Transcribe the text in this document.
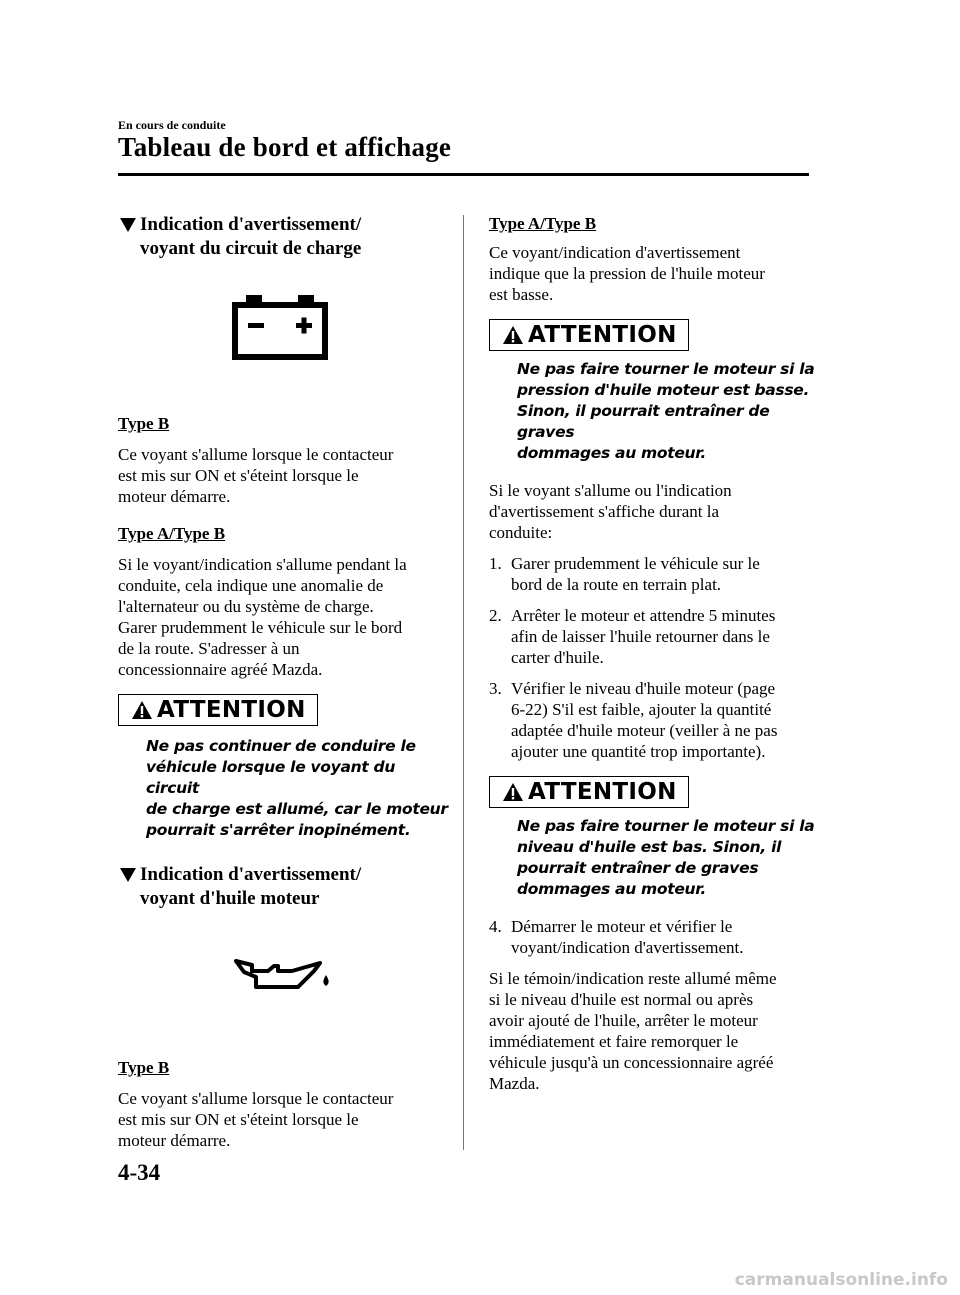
En cours de conduite
Tableau de bord et affichage
Indication d'avertissement/
voyant du circuit de charge

Type B

Ce voyant s'allume lorsque le contacteur

est mis sur ON et s'éteint lorsque le

moteur démarre.

Type A/Type B

Si le voyant/indication s'allume pendant la

conduite, cela indique une anomalie de

l'alternateur ou du système de charge.

Garer prudemment le véhicule sur le bord

de la route. S'adresser à un

concessionnaire agréé Mazda.

ATTENTION

Ne pas continuer de conduire le

véhicule lorsque le voyant du circuit

de charge est allumé, car le moteur

pourrait s'arrêter inopinément.

Indication d'avertissement/
voyant d'huile moteur

Type B

Ce voyant s'allume lorsque le contacteur

est mis sur ON et s'éteint lorsque le

moteur démarre.

Type A/Type B

Ce voyant/indication d'avertissement

indique que la pression de l'huile moteur

est basse.

ATTENTION

Ne pas faire tourner le moteur si la

pression d'huile moteur est basse.

Sinon, il pourrait entraîner de graves

dommages au moteur.

Si le voyant s'allume ou l'indication

d'avertissement s'affiche durant la

conduite:

1. Garer prudemment le véhicule sur le

bord de la route en terrain plat.

2. Arrêter le moteur et attendre 5 minutes

afin de laisser l'huile retourner dans le

carter d'huile.

3. Vérifier le niveau d'huile moteur (page

6-22) S'il est faible, ajouter la quantité

adaptée d'huile moteur (veiller à ne pas

ajouter une quantité trop importante).

ATTENTION

Ne pas faire tourner le moteur si la

niveau d'huile est bas. Sinon, il

pourrait entraîner de graves

dommages au moteur.

4. Démarrer le moteur et vérifier le

voyant/indication d'avertissement.

Si le témoin/indication reste allumé même

si le niveau d'huile est normal ou après

avoir ajouté de l'huile, arrêter le moteur

immédiatement et faire remorquer le

véhicule jusqu'à un concessionnaire agréé

Mazda.

4-34
carmanualsonline.info
